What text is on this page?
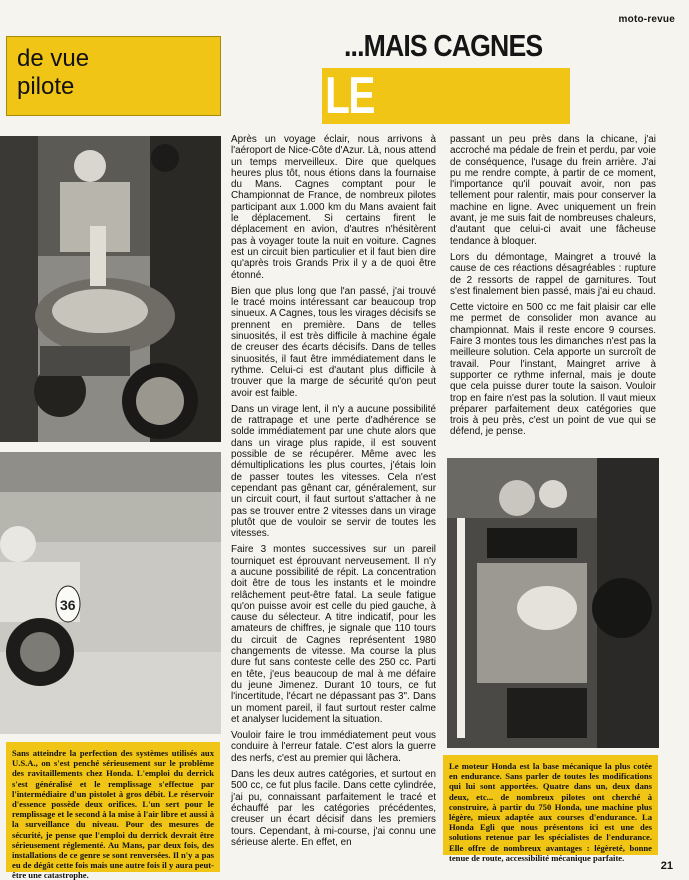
moto-revue
de vue
pilote
...MAIS CAGNES
LE
36

Après un voyage éclair, nous arrivons à l'aéroport de Nice-Côte d'Azur. Là, nous attend un temps merveilleux. Dire que quelques heures plus tôt, nous étions dans la fournaise du Mans. Cagnes comptant pour le Championnat de France, de nombreux pilotes participant aux 1.000 km du Mans avaient fait le déplacement. Si certains firent le déplacement en avion, d'autres n'hésitèrent pas à voyager toute la nuit en voiture. Cagnes est un circuit bien particulier et il faut bien dire qu'après trois Grands Prix il y a de quoi être étonné.

Bien que plus long que l'an passé, j'ai trouvé le tracé moins intéressant car beaucoup trop sinueux. A Cagnes, tous les virages décisifs se prennent en première. Dans de telles sinuosités, il est très difficile à machine égale de creuser des écarts décisifs. Dans de telles sinuosités, il faut être immédiatement dans le rythme. Celui-ci est d'autant plus difficile à trouver que la marge de sécurité qu'on peut avoir est faible.

Dans un virage lent, il n'y a aucune possibilité de rattrapage et une perte d'adhérence se solde immédiatement par une chute alors que dans un virage plus rapide, il est souvent possible de se récupérer. Même avec les démultiplications les plus courtes, j'étais loin de passer toutes les vitesses. Cela n'est cependant pas gênant car, généralement, sur un circuit court, il faut surtout s'attacher à ne pas se trouver entre 2 vitesses dans un virage plutôt que de vouloir se servir de toutes les vitesses.

Faire 3 montes successives sur un pareil tourniquet est éprouvant nerveusement. Il n'y a aucune possibilité de répit. La concentration doit être de tous les instants et le moindre relâchement peut-être fatal. La seule fatigue qu'on puisse avoir est celle du pied gauche, à cause du sélecteur. A titre indicatif, pour les amateurs de chiffres, je signale que 110 tours du circuit de Cagnes représentent 1980 changements de vitesse. Ma course la plus dure fut sans conteste celle des 250 cc. Parti en tête, j'eus beaucoup de mal à me défaire du jeune Jimenez. Durant 10 tours, ce fut l'incertitude, l'écart ne dépassant pas 3". Dans un moment pareil, il faut surtout rester calme et analyser lucidement la situation.

Vouloir faire le trou immédiatement peut vous conduire à l'erreur fatale. C'est alors la guerre des nerfs, c'est au premier qui lâchera.

Dans les deux autres catégories, et surtout en 500 cc, ce fut plus facile. Dans cette cylindrée, j'ai pu, connaissant parfaitement le tracé et échauffé par les catégories précédentes, creuser un écart décisif dans les premiers tours. Cependant, à mi-course, j'ai connu une sérieuse alerte. En effet, en

passant un peu près dans la chicane, j'ai accroché ma pédale de frein et perdu, par voie de conséquence, l'usage du frein arrière. J'ai pu me rendre compte, à partir de ce moment, l'importance qu'il pouvait avoir, non pas tellement pour ralentir, mais pour conserver la machine en ligne. Avec uniquement un frein avant, je me suis fait de nombreuses chaleurs, d'autant que celui-ci avait une fâcheuse tendance à bloquer.

Lors du démontage, Maingret a trouvé la cause de ces réactions désagréables : rupture de 2 ressorts de rappel de garnitures. Tout s'est finalement bien passé, mais j'ai eu chaud.

Cette victoire en 500 cc me fait plaisir car elle me permet de consolider mon avance au championnat. Mais il reste encore 9 courses. Faire 3 montes tous les dimanches n'est pas la meilleure solution. Cela apporte un surcroît de travail. Pour l'instant, Maingret arrive à supporter ce rythme infernal, mais je doute que cela puisse durer toute la saison. Vouloir trop en faire n'est pas la solution. Il vaut mieux préparer parfaitement deux catégories que trois à peu près, c'est un point de vue qui se défend, je pense.

Sans atteindre la perfection des systèmes utilisés aux U.S.A., on s'est penché sérieusement sur le problème des ravitaillements chez Honda. L'emploi du derrick s'est généralisé et le remplissage s'effectue par l'intermédiaire d'un pistolet à gros débit. Le réservoir d'essence possède deux orifices. L'un sert pour le remplissage et le second à la mise à l'air libre et aussi à la surveillance du niveau. Pour des mesures de sécurité, je pense que l'emploi du derrick devrait être sérieusement réglementé. Au Mans, par deux fois, des installations de ce genre se sont renversées. Il n'y a pas eu de dégât cette fois mais une autre fois il y aura peut-être une catastrophe.
Le moteur Honda est la base mécanique la plus cotée en endurance. Sans parler de toutes les modifications qui lui sont apportées. Quatre dans un, deux dans deux, etc... de nombreux pilotes ont cherché à construire, à partir du 750 Honda, une machine plus légère, mieux adaptée aux courses d'endurance. La Honda Egli que nous présentons ici est une des solutions retenue par les spécialistes de l'endurance. Elle offre de nombreux avantages : légèreté, bonne tenue de route, accessibilité mécanique parfaite.
21
